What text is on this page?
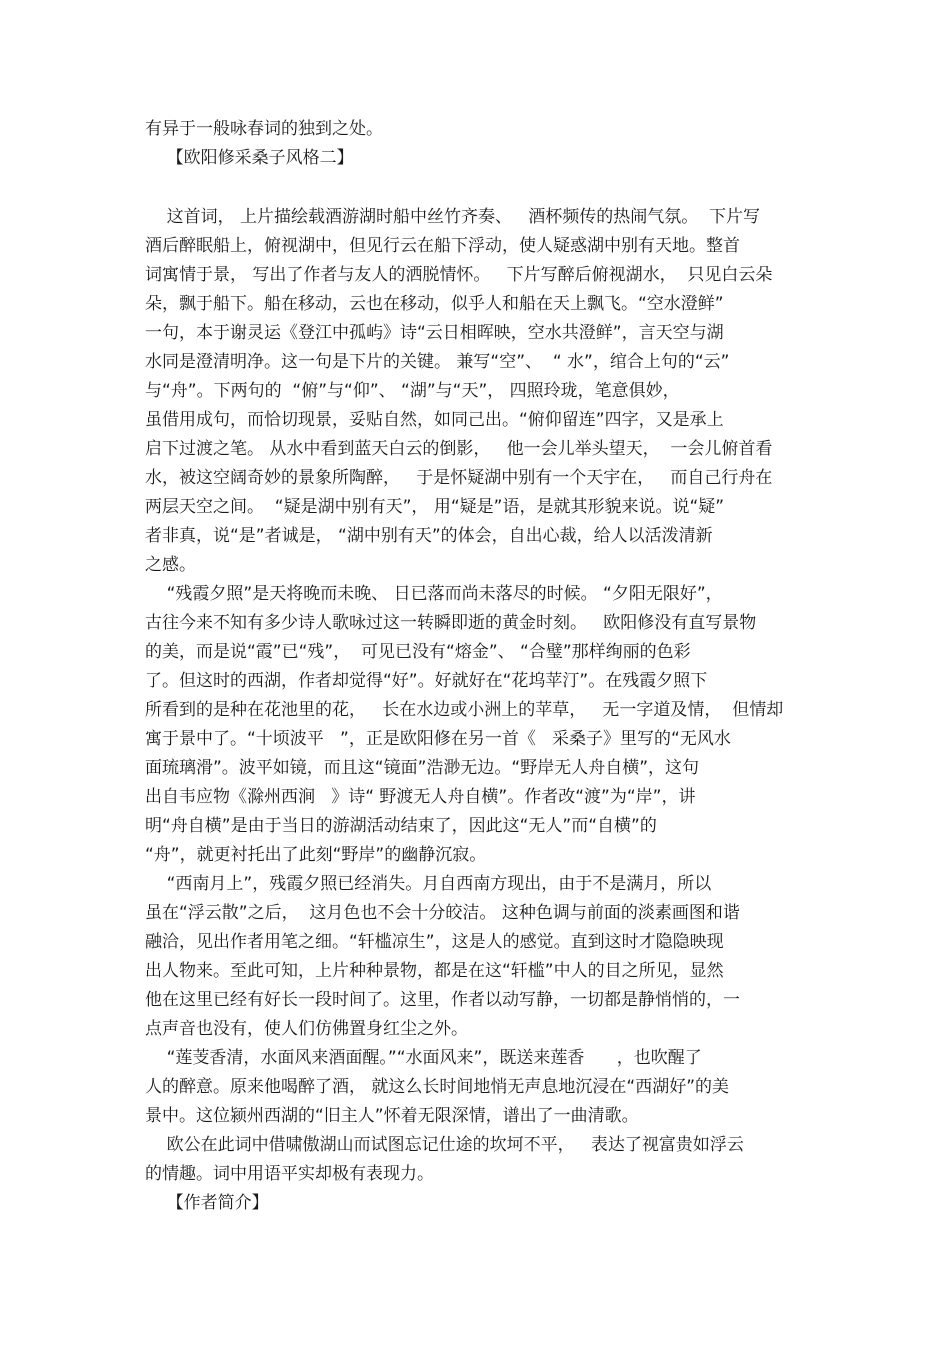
有异于一般咏春词的独到之处。
【欧阳修采桑子风格二】
这首词， 上片描绘载酒游湖时船中丝竹齐奏、   酒杯频传的热闹气氛。  下片写
酒后醉眠船上，俯视湖中，但见行云在船下浮动，使人疑惑湖中别有天地。整首
词寓情于景， 写出了作者与友人的洒脱情怀。   下片写醉后俯视湖水，  只见白云朵
朵，飘于船下。船在移动，云也在移动，似乎人和船在天上飘飞。“空水澄鲜”
一句，本于谢灵运《登江中孤屿》诗“云日相晖映，空水共澄鲜”，言天空与湖
水同是澄清明净。这一句是下片的关键。 兼写“空”、  “ 水”，绾合上句的“云”
与“舟”。下两句的  “俯”与“仰”、 “湖”与“天”， 四照玲珑，笔意俱妙，
虽借用成句，而恰切现景，妥贴自然，如同己出。“俯仰留连”四字，又是承上
启下过渡之笔。 从水中看到蓝天白云的倒影，   他一会儿举头望天，  一会儿俯首看
水，被这空阔奇妙的景象所陶醉，   于是怀疑湖中别有一个天宇在，   而自己行舟在
两层天空之间。  “疑是湖中别有天”， 用“疑是”语，是就其形貌来说。说“疑”
者非真，说“是”者诚是， “湖中别有天”的体会，自出心裁，给人以活泼清新
之感。
“残霞夕照”是天将晚而未晚、 日已落而尚未落尽的时候。 “夕阳无限好”，
古往今来不知有多少诗人歌咏过这一转瞬即逝的黄金时刻。   欧阳修没有直写景物
的美，而是说“霞”已“残”，  可见已没有“熔金”、 “合璧”那样绚丽的色彩
了。但这时的西湖，作者却觉得“好”。好就好在“花坞苹汀”。在残霞夕照下
所看到的是种在花池里的花，   长在水边或小洲上的苹草，   无一字道及情，  但情却
寓于景中了。“十顷波平   ”，正是欧阳修在另一首《   采桑子》里写的“无风水
面琉璃滑”。波平如镜，而且这“镜面”浩渺无边。“野岸无人舟自横”，这句
出自韦应物《滁州西涧   》诗“ 野渡无人舟自横”。作者改“渡”为“岸”，讲
明“舟自横”是由于当日的游湖活动结束了，因此这“无人”而“自横”的
“舟”，就更衬托出了此刻“野岸”的幽静沉寂。
“西南月上”，残霞夕照已经消失。月自西南方现出，由于不是满月，所以
虽在“浮云散”之后，  这月色也不会十分皎洁。 这种色调与前面的淡素画图和谐
融洽，见出作者用笔之细。“轩槛凉生”，这是人的感觉。直到这时才隐隐映现
出人物来。至此可知，上片种种景物，都是在这“轩槛”中人的目之所见，显然
他在这里已经有好长一段时间了。这里，作者以动写静，一切都是静悄悄的，一
点声音也没有，使人们仿佛置身红尘之外。
“莲芰香清，水面风来酒面醒。”“水面风来”，既送来莲香      ，也吹醒了
人的醉意。原来他喝醉了酒， 就这么长时间地悄无声息地沉浸在“西湖好”的美
景中。这位颍州西湖的“旧主人”怀着无限深情，谱出了一曲清歌。
欧公在此词中借啸傲湖山而试图忘记仕途的坎坷不平，   表达了视富贵如浮云
的情趣。词中用语平实却极有表现力。
【作者简介】
